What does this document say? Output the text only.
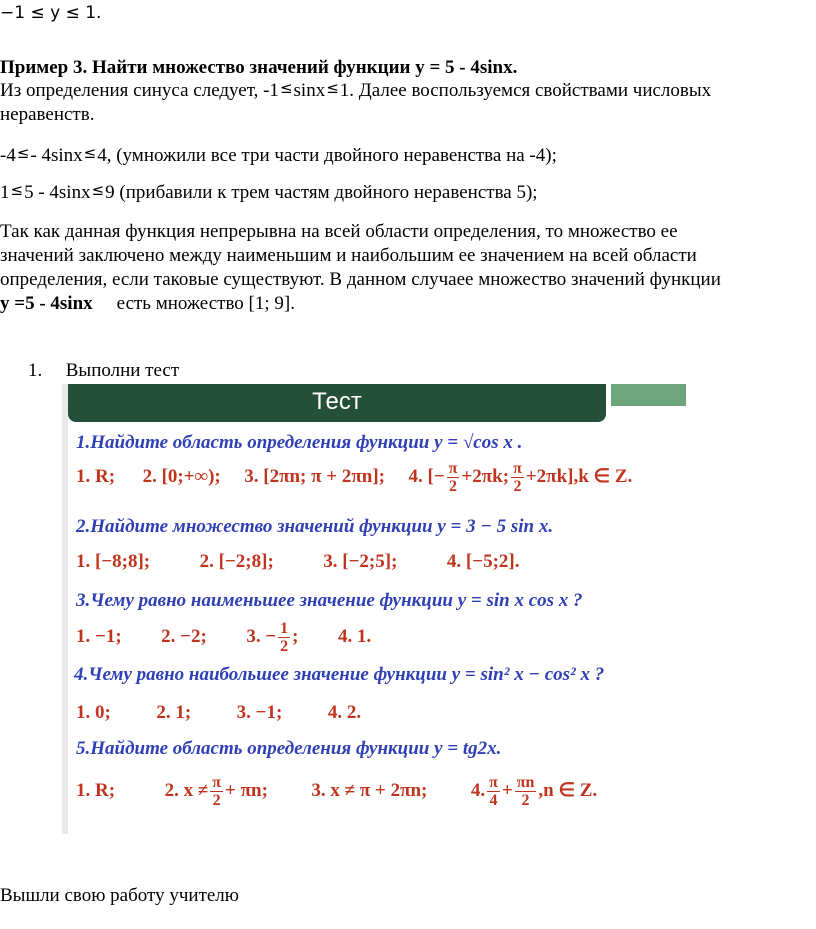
−1 ≤ y ≤ 1.
Пример 3. Найти множество значений функции у = 5 - 4sinx.
Из определения синуса следует, -1≤sinx≤1. Далее воспользуемся свойствами числовых
неравенств.
-4≤- 4sinx≤4, (умножили все три части двойного неравенства на -4);
1≤5 - 4sinx≤9 (прибавили к трем частям двойного неравенства 5);
Так как данная функция непрерывна на всей области определения, то множество ее
значений заключено между наименьшим и наибольшим ее значением на всей области
определения, если таковые существуют. В данном случаее множество значений функции
у =5 - 4sinx есть множество [1; 9].
1. Выполни тест
Тест
1.Найдите область определения функции y = √cos x .
1. R; 2. [0;+∞); 3. [2πn; π + 2πn]; 4. [− $\frac{\pi}{2} +2\pi k$; $\frac{\pi}{2} +2\pi k],k$ ∈ Z.
2.Найдите множество значений функции y = 3 − 5 sin x.
1. [−8;8];	2. [−2;8];	3. [−2;5];	4. [−5;2].
3.Чему равно наименьшее значение функции y = sin x cos x ?
1. −1; 2. −2; 3. − $\frac{1}{2}$ ; 4. 1.
4.Чему равно наибольшее значение функции y = sin² x − cos² x ?
1. 0; 2. 1; 3. −1; 4. 2.
5.Найдите область определения функции y = tg2x.
1. R;	2. $x \ne \frac{\pi}{2} + \pi n$; 3. x ≠ π + 2πn; 4. $\frac{\pi}{4} + \frac{\pi n}{2} ,n$ ∈ Z.
Вышли свою работу учителю
